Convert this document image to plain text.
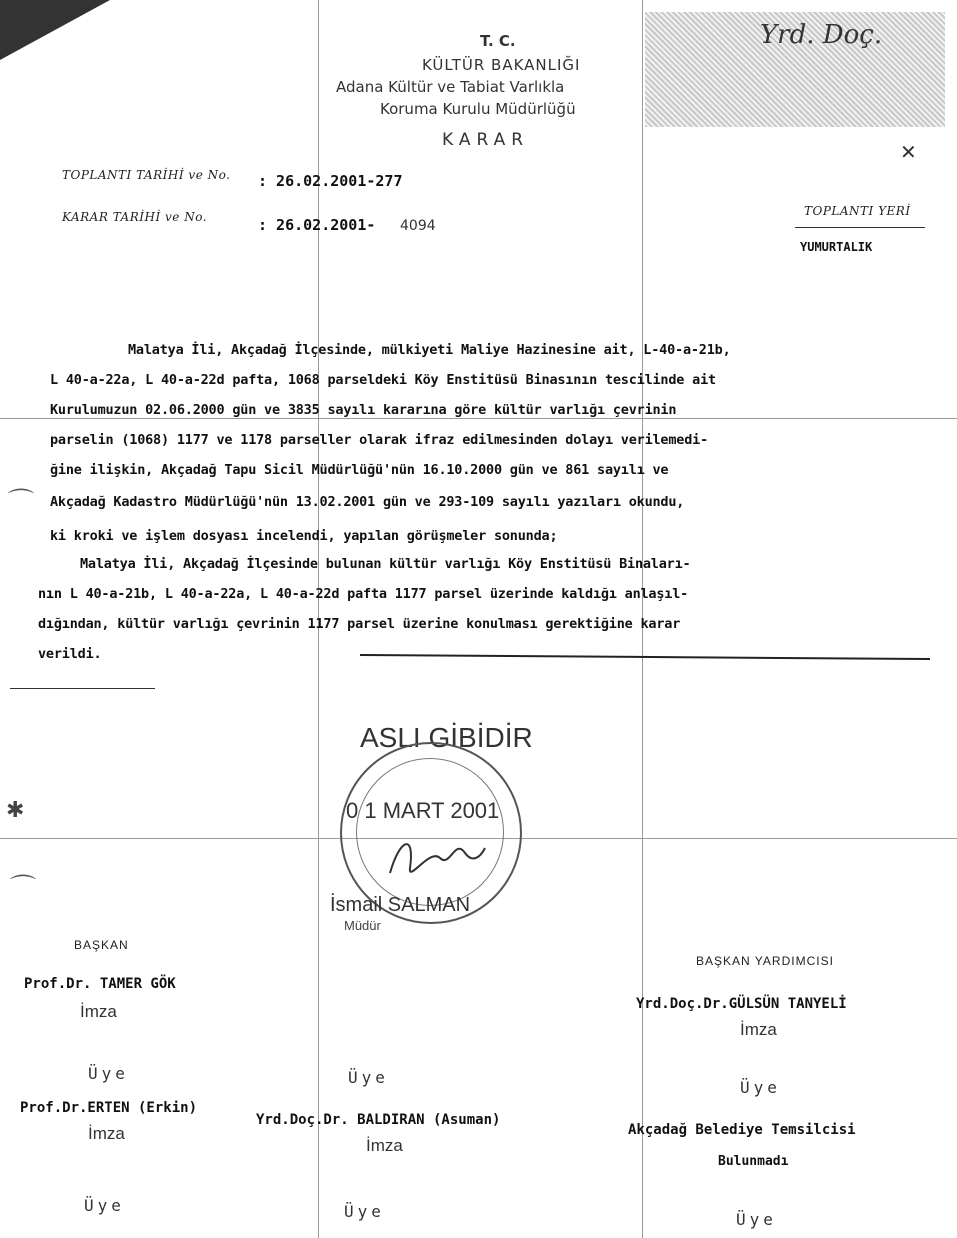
Yrd. Doç.
✕
T. C.
KÜLTÜR BAKANLIĞI
Adana Kültür ve Tabiat Varlıkla
Koruma Kurulu Müdürlüğü
KARAR
TOPLANTI TARİHİ ve No. : 26.02.2001-277
KARAR TARİHİ ve No.	: 26.02.2001- 4094
TOPLANTI YERİ
YUMURTALIK
Malatya İli, Akçadağ İlçesinde, mülkiyeti Maliye Hazinesine ait, L-40-a-21b,
L 40-a-22a, L 40-a-22d pafta, 1068 parseldeki Köy Enstitüsü Binasının tescilinde ait
Kurulumuzun 02.06.2000 gün ve 3835 sayılı kararına göre kültür varlığı çevrinin
parselin (1068) 1177 ve 1178 parseller olarak ifraz edilmesinden dolayı verilemedi-
ğine ilişkin, Akçadağ Tapu Sicil Müdürlüğü'nün 16.10.2000 gün ve 861 sayılı ve
Akçadağ Kadastro Müdürlüğü'nün 13.02.2001 gün ve 293-109 sayılı yazıları okundu,
ki kroki ve işlem dosyası incelendi, yapılan görüşmeler sonunda;
Malatya İli, Akçadağ İlçesinde bulunan kültür varlığı Köy Enstitüsü Binaları-
nın L 40-a-21b, L 40-a-22a, L 40-a-22d pafta 1177 parsel üzerinde kaldığı anlaşıl-
dığından, kültür varlığı çevrinin 1177 parsel üzerine konulması gerektiğine karar
verildi.
⌒
✱
⌒
ASLI GİBİDİR
0 1 MART 2001
İsmail SALMAN
Müdür
BAŞKAN
Prof.Dr. TAMER GÖK
İmza
BAŞKAN YARDIMCISI
Yrd.Doç.Dr.GÜLSÜN TANYELİ
İmza
Üye	Üye
Üye
Prof.Dr.ERTEN (Erkin)
Yrd.Doç.Dr. BALDIRAN (Asuman)
Akçadağ Belediye Temsilcisi
İmza
İmza
Bulunmadı
Üye	Üye	Üye
